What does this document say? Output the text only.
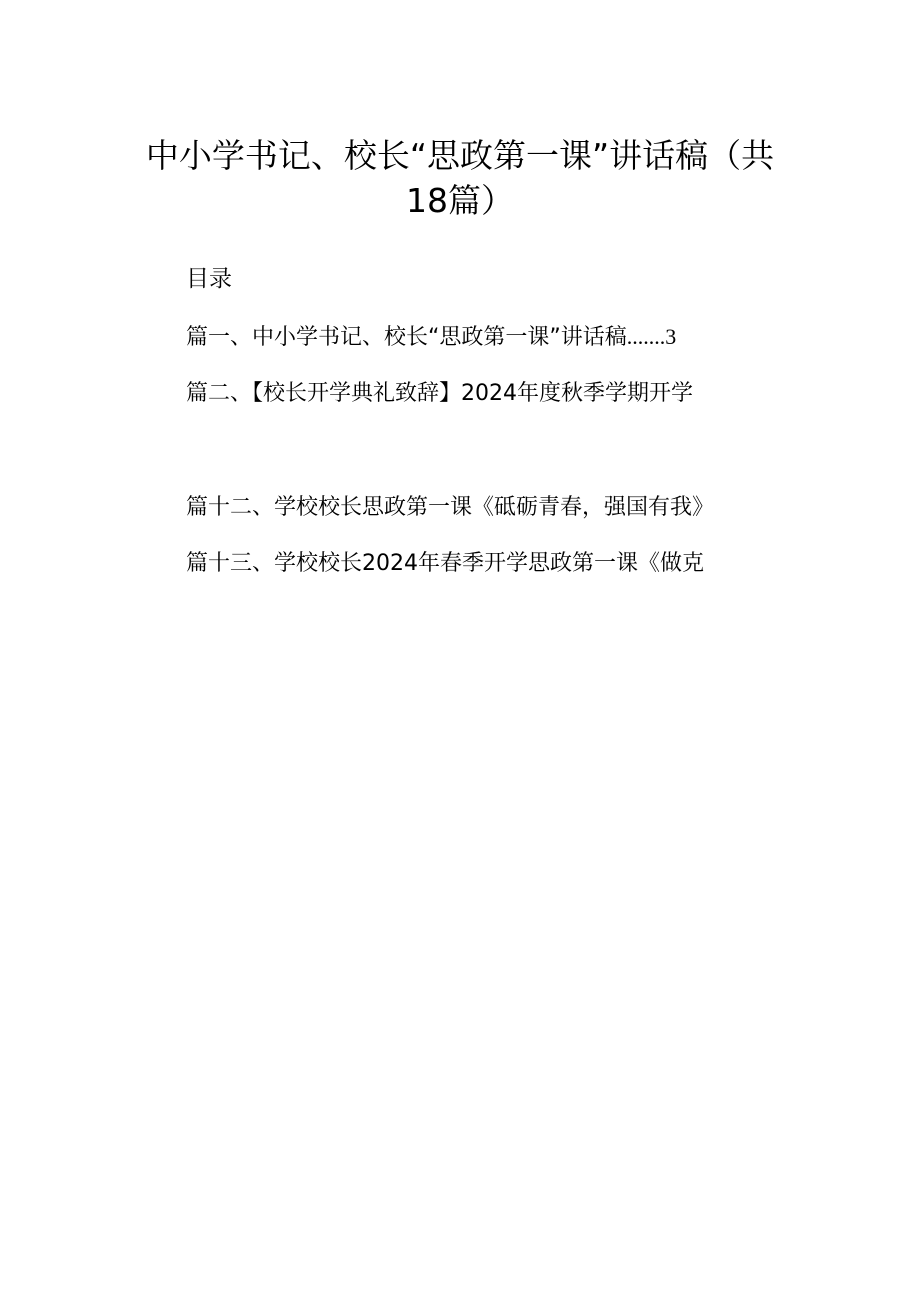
中小学书记、校长“思政第一课”讲话稿（共
18篇）
目录
篇一、中小学书记、校长“思政第一课”讲话稿.......3
篇二、【校长开学典礼致辞】2024年度秋季学期开学
篇十二、学校校长思政第一课《砥砺青春，强国有我》
篇十三、学校校长2024年春季开学思政第一课《做克
